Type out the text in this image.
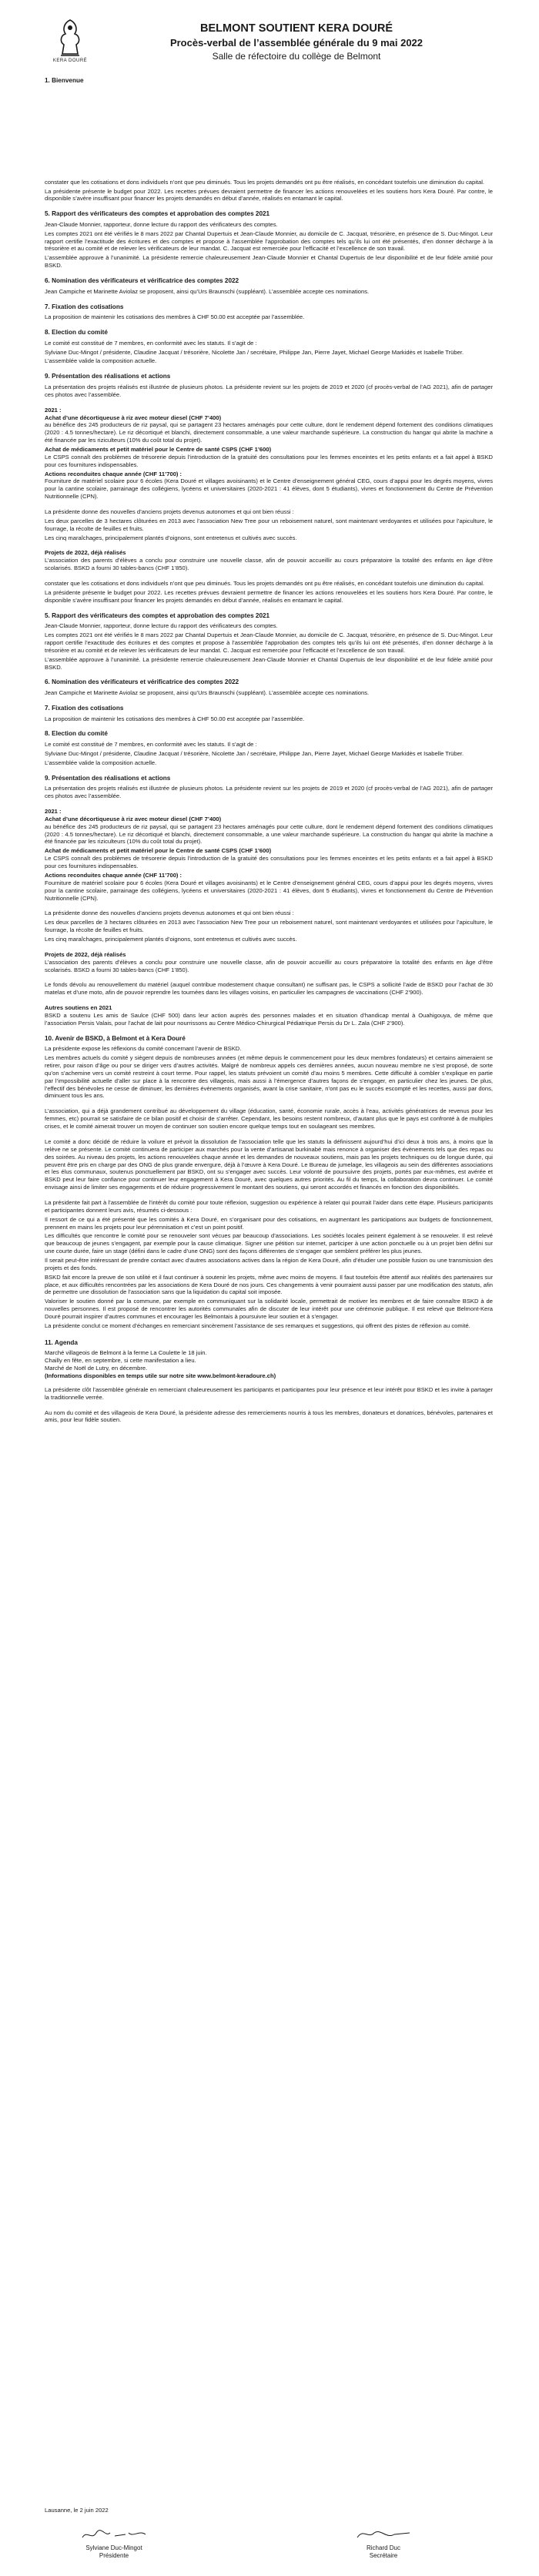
KERA DOURÉ
BELMONT SOUTIENT KERA DOURÉ
Procès-verbal de l’assemblée générale du 9 mai 2022
Salle de réfectoire du collège de Belmont
1. Bienvenue
constater que les cotisations et dons individuels n’ont que peu diminués. Tous les projets demandés ont pu être réalisés, en concédant toutefois une diminution du capital.
La présidente présente le budget pour 2022. Les recettes prévues devraient permettre de financer les actions renouvelées et les soutiens hors Kera Douré. Par contre, le disponible s’avère insuffisant pour financer les projets demandés en début d’année, réalisés en entamant le capital.
5. Rapport des vérificateurs des comptes et approbation des comptes 2021
Jean-Claude Monnier, rapporteur, donne lecture du rapport des vérificateurs des comptes.
Les comptes 2021 ont été vérifiés le 8 mars 2022 par Chantal Dupertuis et Jean-Claude Monnier, au domicile de C. Jacquat, trésorière, en présence de S. Duc-Mingot. Leur rapport certifie l’exactitude des écritures et des comptes et propose à l’assemblée l’approbation des comptes tels qu’ils lui ont été présentés, d’en donner décharge à la trésorière et au comité et de relever les vérificateurs de leur mandat. C. Jacquat est remerciée pour l’efficacité et l’excellence de son travail.
L’assemblée approuve à l’unanimité. La présidente remercie chaleureusement Jean-Claude Monnier et Chantal Dupertuis de leur disponibilité et de leur fidèle amitié pour BSKD.
6. Nomination des vérificateurs et vérificatrice des comptes 2022
Jean Campiche et Marinette Aviolaz se proposent, ainsi qu’Urs Braunschi (suppléant). L’assemblée accepte ces nominations.
7. Fixation des cotisations
La proposition de maintenir les cotisations des membres à CHF 50.00 est acceptée par l’assemblée.
8. Election du comité
Le comité est constitué de 7 membres, en conformité avec les statuts. Il s’agit de :
Sylviane Duc-Mingot / présidente, Claudine Jacquat / trésorière, Nicolette Jan / secrétaire, Philippe Jan, Pierre Jayet, Michael George Markidès et Isabelle Trüber.
L’assemblée valide la composition actuelle.
9. Présentation des réalisations et actions
La présentation des projets réalisés est illustrée de plusieurs photos. La présidente revient sur les projets de 2019 et 2020 (cf procès-verbal de l’AG 2021), afin de partager ces photos avec l’assemblée.
2021 :
Achat d’une décortiqueuse à riz avec moteur diesel (CHF 7’400)
au bénéfice des 245 producteurs de riz paysal, qui se partagent 23 hectares aménagés pour cette culture, dont le rendement dépend fortement des conditions climatiques (2020 : 4.5 tonnes/hectare). Le riz décortiqué et blanchi, directement consommable, a une valeur marchande supérieure. La construction du hangar qui abrite la machine a été financée par les riziculteurs (10% du coût total du projet).
Achat de médicaments et petit matériel pour le Centre de santé CSPS (CHF 1’600)
Le CSPS connaît des problèmes de trésorerie depuis l’introduction de la gratuité des consultations pour les femmes enceintes et les petits enfants et a fait appel à BSKD pour ces fournitures indispensables.
Actions reconduites chaque année (CHF 11’700) :
Fourniture de matériel scolaire pour 6 écoles (Kera Douré et villages avoisinants) et le Centre d’enseignement général CEG, cours d’appui pour les degrés moyens, vivres pour la cantine scolaire, parrainage des collégiens, lycéens et universitaires (2020-2021 : 41 élèves, dont 5 étudiants), vivres et fonctionnement du Centre de Prévention Nutritionnelle (CPN).
La présidente donne des nouvelles d’anciens projets devenus autonomes et qui ont bien réussi :
Les deux parcelles de 3 hectares clôturées en 2013 avec l’association New Tree pour un reboisement naturel, sont maintenant verdoyantes et utilisées pour l’apiculture, le fourrage, la récolte de feuilles et fruits.
Les cinq maraîchages, principalement plantés d’oignons, sont entretenus et cultivés avec succès.
Projets de 2022, déjà réalisés
L’association des parents d’élèves a conclu pour construire une nouvelle classe, afin de pouvoir accueillir au cours préparatoire la totalité des enfants en âge d’être scolarisés. BSKD a fourni 30 tables-bancs (CHF 1’850).
constater que les cotisations et dons individuels n’ont que peu diminués. Tous les projets demandés ont pu être réalisés, en concédant toutefois une diminution du capital.
La présidente présente le budget pour 2022. Les recettes prévues devraient permettre de financer les actions renouvelées et les soutiens hors Kera Douré. Par contre, le disponible s’avère insuffisant pour financer les projets demandés en début d’année, réalisés en entamant le capital.
5. Rapport des vérificateurs des comptes et approbation des comptes 2021
Jean-Claude Monnier, rapporteur, donne lecture du rapport des vérificateurs des comptes.
Les comptes 2021 ont été vérifiés le 8 mars 2022 par Chantal Dupertuis et Jean-Claude Monnier, au domicile de C. Jacquat, trésorière, en présence de S. Duc-Mingot. Leur rapport certifie l’exactitude des écritures et des comptes et propose à l’assemblée l’approbation des comptes tels qu’ils lui ont été présentés, d’en donner décharge à la trésorière et au comité et de relever les vérificateurs de leur mandat. C. Jacquat est remerciée pour l’efficacité et l’excellence de son travail.
L’assemblée approuve à l’unanimité. La présidente remercie chaleureusement Jean-Claude Monnier et Chantal Dupertuis de leur disponibilité et de leur fidèle amitié pour BSKD.
6. Nomination des vérificateurs et vérificatrice des comptes 2022
Jean Campiche et Marinette Aviolaz se proposent, ainsi qu’Urs Braunschi (suppléant). L’assemblée accepte ces nominations.
7. Fixation des cotisations
La proposition de maintenir les cotisations des membres à CHF 50.00 est acceptée par l’assemblée.
8. Election du comité
Le comité est constitué de 7 membres, en conformité avec les statuts. Il s’agit de :
Sylviane Duc-Mingot / présidente, Claudine Jacquat / trésorière, Nicolette Jan / secrétaire, Philippe Jan, Pierre Jayet, Michael George Markidès et Isabelle Trüber.
L’assemblée valide la composition actuelle.
9. Présentation des réalisations et actions
La présentation des projets réalisés est illustrée de plusieurs photos. La présidente revient sur les projets de 2019 et 2020 (cf procès-verbal de l’AG 2021), afin de partager ces photos avec l’assemblée.
2021 :
Achat d’une décortiqueuse à riz avec moteur diesel (CHF 7’400)
au bénéfice des 245 producteurs de riz paysal, qui se partagent 23 hectares aménagés pour cette culture, dont le rendement dépend fortement des conditions climatiques (2020 : 4.5 tonnes/hectare). Le riz décortiqué et blanchi, directement consommable, a une valeur marchande supérieure. La construction du hangar qui abrite la machine a été financée par les riziculteurs (10% du coût total du projet).
Achat de médicaments et petit matériel pour le Centre de santé CSPS (CHF 1’600)
Le CSPS connaît des problèmes de trésorerie depuis l’introduction de la gratuité des consultations pour les femmes enceintes et les petits enfants et a fait appel à BSKD pour ces fournitures indispensables.
Actions reconduites chaque année (CHF 11’700) :
Fourniture de matériel scolaire pour 6 écoles (Kera Douré et villages avoisinants) et le Centre d’enseignement général CEG, cours d’appui pour les degrés moyens, vivres pour la cantine scolaire, parrainage des collégiens, lycéens et universitaires (2020-2021 : 41 élèves, dont 5 étudiants), vivres et fonctionnement du Centre de Prévention Nutritionnelle (CPN).
La présidente donne des nouvelles d’anciens projets devenus autonomes et qui ont bien réussi :
Les deux parcelles de 3 hectares clôturées en 2013 avec l’association New Tree pour un reboisement naturel, sont maintenant verdoyantes et utilisées pour l’apiculture, le fourrage, la récolte de feuilles et fruits.
Les cinq maraîchages, principalement plantés d’oignons, sont entretenus et cultivés avec succès.
Projets de 2022, déjà réalisés
L’association des parents d’élèves a conclu pour construire une nouvelle classe, afin de pouvoir accueillir au cours préparatoire la totalité des enfants en âge d’être scolarisés. BSKD a fourni 30 tables-bancs (CHF 1’850).
Le fonds dévolu au renouvellement du matériel (auquel contribue modestement chaque consultant) ne suffisant pas, le CSPS a sollicité l’aide de BSKD pour l’achat de 30 matelas et d’une moto, afin de pouvoir reprendre les tournées dans les villages voisins, en particulier les campagnes de vaccinations (CHF 2’900).
Autres soutiens en 2021
BSKD a soutenu Les amis de Saulce (CHF 500) dans leur action auprès des personnes malades et en situation d’handicap mental à Ouahigouya, de même que l’association Persis Valais, pour l’achat de lait pour nourrissons au Centre Médico-Chirurgical Pédiatrique Persis du Dr L. Zala (CHF 2’900).
10. Avenir de BSKD, à Belmont et à Kera Douré
La présidente expose les réflexions du comité concernant l’avenir de BSKD.
Les membres actuels du comité y siègent depuis de nombreuses années (et même depuis le commencement pour les deux membres fondateurs) et certains aimeraient se retirer, pour raison d’âge ou pour se diriger vers d’autres activités. Malgré de nombreux appels ces dernières années, aucun nouveau membre ne s’est proposé, de sorte qu’on s’achemine vers un comité restreint à court terme. Pour rappel, les statuts prévoient un comité d’au moins 5 membres. Cette difficulté à combler s’explique en partie par l’impossibilité actuelle d’aller sur place à la rencontre des villageois, mais aussi à l’émergence d’autres façons de s’engager, en particulier chez les jeunes. De plus, l’effectif des bénévoles ne cesse de diminuer, les dernières évènements organisés, avant la crise sanitaire, n’ont pas eu le succès escompté et les recettes, aussi par dons, diminuent tous les ans.
L’association, qui a déjà grandement contribué au développement du village (éducation, santé, économie rurale, accès à l’eau, activités génératrices de revenus pour les femmes, etc) pourrait se satisfaire de ce bilan positif et choisir de s’arrêter. Cependant, les besoins restent nombreux, d’autant plus que le pays est confronté à de multiples crises, et le comité aimerait trouver un moyen de continuer son soutien encore quelque temps tout en soulageant ses membres.
Le comité a donc décidé de réduire la voilure et prévoit la dissolution de l’association telle que les statuts la définissent aujourd’hui d’ici deux à trois ans, à moins que la relève ne se présente. Le comité continuera de participer aux marchés pour la vente d’artisanat burkinabé mais renonce à organiser des évènements tels que des repas ou des soirées. Au niveau des projets, les actions renouvelées chaque année et les demandes de nouveaux soutiens, mais pas les projets techniques ou de longue durée, qui peuvent être pris en charge par des ONG de plus grande envergure, déjà à l’œuvre à Kera Douré. Le Bureau de jumelage, les villageois au sein des différentes associations et les élus communaux, soutenus ponctuellement par BSKD, ont su s’engager avec succès. Leur volonté de poursuivre des projets, portés par eux-mêmes, est avérée et BSKD peut leur faire confiance pour continuer leur engagement à Kera Douré, avec quelques autres priorités. Au fil du temps, la collaboration devra continuer. Le comité envisage ainsi de limiter ses engagements et de réduire progressivement le montant des soutiens, qui seront accordés et financés en fonction des disponibilités.
La présidente fait part à l’assemblée de l’intérêt du comité pour toute réflexion, suggestion ou expérience à relater qui pourrait l’aider dans cette étape. Plusieurs participants et participantes donnent leurs avis, résumés ci-dessous :
Il ressort de ce qui a été présenté que les comités à Kera Douré, en s’organisant pour des cotisations, en augmentant les participations aux budgets de fonctionnement, prennent en mains les projets pour leur pérennisation et c’est un point positif.
Les difficultés que rencontre le comité pour se renouveler sont vécues par beaucoup d’associations. Les sociétés locales peinent également à se renouveler. Il est relevé que beaucoup de jeunes s’engagent, par exemple pour la cause climatique. Signer une pétition sur internet, participer à une action ponctuelle ou à un projet bien défini sur une courte durée, faire un stage (défini dans le cadre d’une ONG) sont des façons différentes de s’engager que semblent préférer les plus jeunes.
Il serait peut-être intéressant de prendre contact avec d’autres associations actives dans la région de Kera Douré, afin d’étudier une possible fusion ou une transmission des projets et des fonds.
BSKD fait encore la preuve de son utilité et il faut continuer à soutenir les projets, même avec moins de moyens. Il faut toutefois être attentif aux réalités des partenaires sur place, et aux difficultés rencontrées par les associations de Kera Douré de nos jours. Ces changements à venir pourraient aussi passer par une modification des statuts, afin de permettre une dissolution de l’association sans que la liquidation du capital soit imposée.
Valoriser le soutien donné par la commune, par exemple en communiquant sur la solidarité locale, permettrait de motiver les membres et de faire connaître BSKD à de nouvelles personnes. Il est proposé de rencontrer les autorités communales afin de discuter de leur intérêt pour une cérémonie publique. Il est relevé que Belmont-Kera Douré pourrait inspirer d’autres communes et encourager les Belmontais à poursuivre leur soutien et à s’engager.
La présidente conclut ce moment d’échanges en remerciant sincèrement l’assistance de ses remarques et suggestions, qui offrent des pistes de réflexion au comité.
11. Agenda
Marché villageois de Belmont à la ferme La Coulette le 18 juin.
Chailly en fête, en septembre, si cette manifestation a lieu.
Marché de Noël de Lutry, en décembre.
(Informations disponibles en temps utile sur notre site www.belmont-keradoure.ch)
La présidente clôt l’assemblée générale en remerciant chaleureusement les participants et participantes pour leur présence et leur intérêt pour BSKD et les invite à partager la traditionnelle verrée.
Au nom du comité et des villageois de Kera Douré, la présidente adresse des remerciements nourris à tous les membres, donateurs et donatrices, bénévoles, partenaires et amis, pour leur fidèle soutien.
Lausanne, le 2 juin 2022
Sylviane Duc-Mingot
Présidente
Richard Duc
Secrétaire
